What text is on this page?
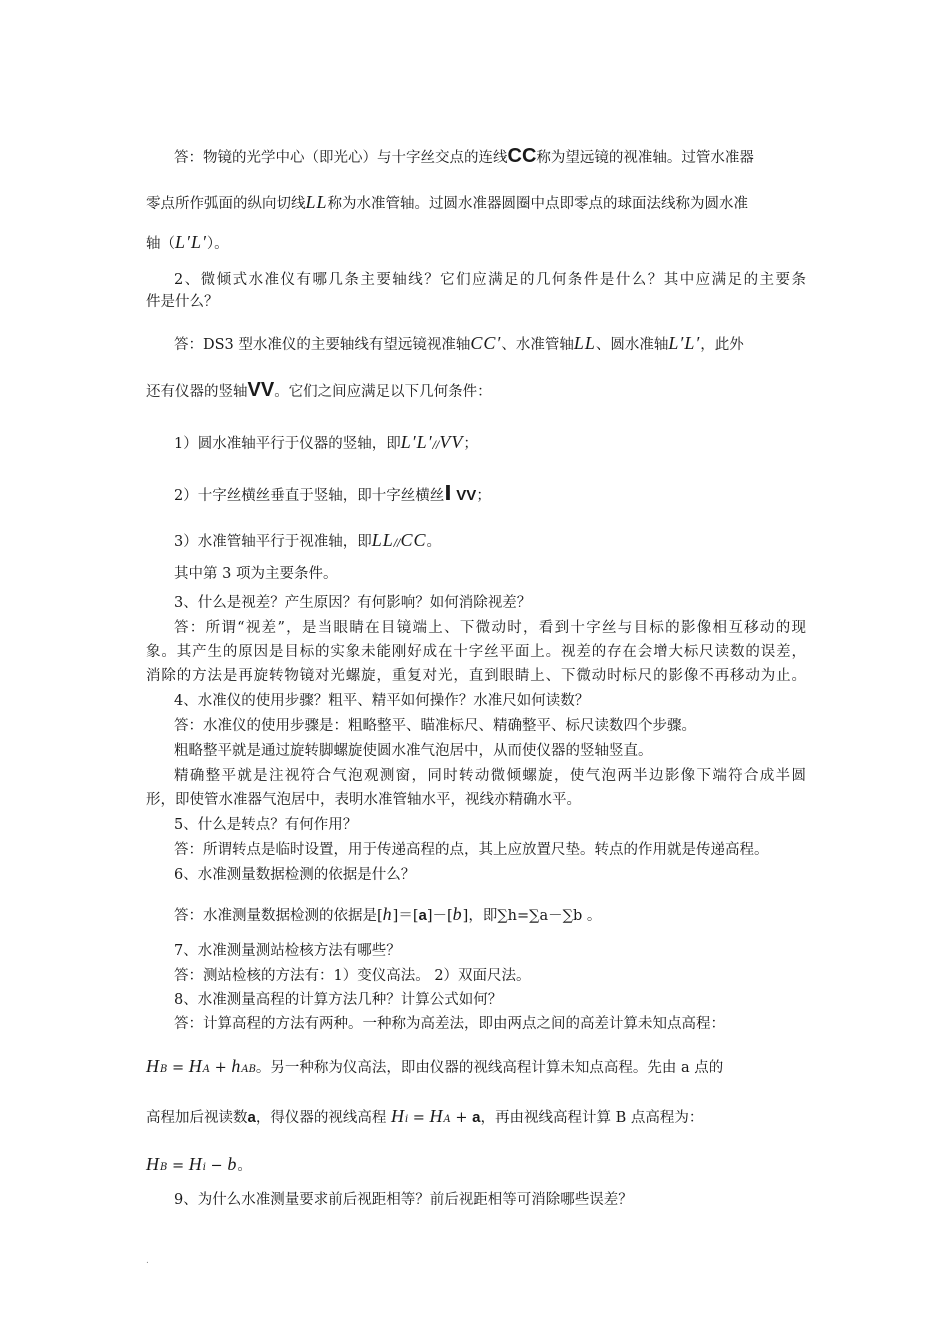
答：物镜的光学中心（即光心）与十字丝交点的连线CC称为望远镜的视准轴。过管水准器
零点所作弧面的纵向切线LL称为水准管轴。过圆水准器圆圈中点即零点的球面法线称为圆水准
轴（L′L′）。
2、微倾式水准仪有哪几条主要轴线？它们应满足的几何条件是什么？其中应满足的主要条
件是什么？
答：DS3 型水准仪的主要轴线有望远镜视准轴CC′、水准管轴LL、圆水准轴L′L′，此外
还有仪器的竖轴VV。它们之间应满足以下几何条件：
1）圆水准轴平行于仪器的竖轴，即L′L′//VV；
2）十字丝横丝垂直于竖轴，即十字丝横丝Ⅰ VV；
3）水准管轴平行于视准轴，即LL//CC。
其中第 3 项为主要条件。
3、什么是视差？产生原因？有何影响？如何消除视差？
答：所谓“视差”，是当眼睛在目镜端上、下微动时，看到十字丝与目标的影像相互移动的现
象。其产生的原因是目标的实象未能刚好成在十字丝平面上。视差的存在会增大标尺读数的误差，
消除的方法是再旋转物镜对光螺旋，重复对光，直到眼睛上、下微动时标尺的影像不再移动为止。
4、水准仪的使用步骤？粗平、精平如何操作？水准尺如何读数？
答：水准仪的使用步骤是：粗略整平、瞄准标尺、精确整平、标尺读数四个步骤。
粗略整平就是通过旋转脚螺旋使圆水准气泡居中，从而使仪器的竖轴竖直。
精确整平就是注视符合气泡观测窗，同时转动微倾螺旋，使气泡两半边影像下端符合成半圆
形，即使管水准器气泡居中，表明水准管轴水平，视线亦精确水平。
5、什么是转点？有何作用？
答：所谓转点是临时设置，用于传递高程的点，其上应放置尺垫。转点的作用就是传递高程。
6、水准测量数据检测的依据是什么？
答：水准测量数据检测的依据是[h]＝[a]－[b]，即∑h=∑a－∑b 。
7、水准测量测站检核方法有哪些？
答：测站检核的方法有：1）变仪高法。 2）双面尺法。
8、水准测量高程的计算方法几种？计算公式如何？
答：计算高程的方法有两种。一种称为高差法，即由两点之间的高差计算未知点高程：
HB = HA + hAB。另一种称为仪高法，即由仪器的视线高程计算未知点高程。先由 a 点的
高程加后视读数a，得仪器的视线高程 Hi = HA + a，再由视线高程计算 B 点高程为：
HB = Hi − b。
9、为什么水准测量要求前后视距相等？前后视距相等可消除哪些误差？
.
